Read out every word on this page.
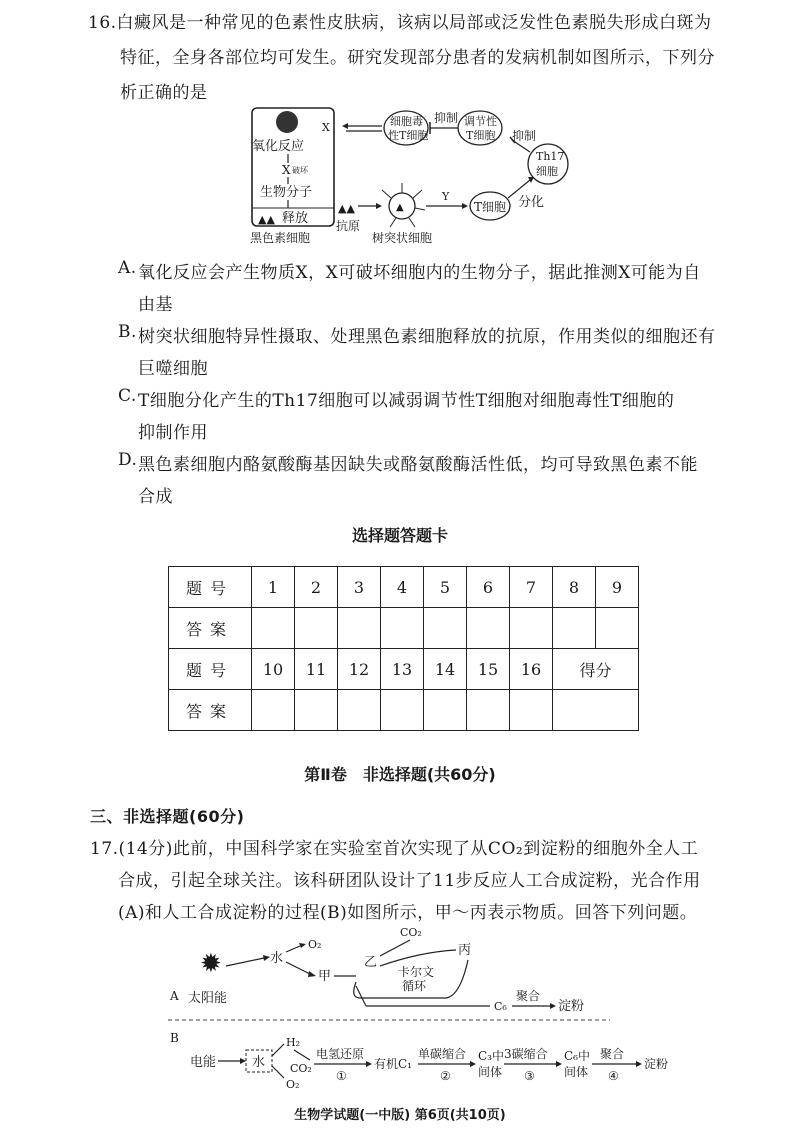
16.白癜风是一种常见的色素性皮肤病，该病以局部或泛发性色素脱失形成白斑为
特征，全身各部位均可发生。研究发现部分患者的发病机制如图所示，下列分
析正确的是
氧化反应
X 破坏
生物分子
释放
▲▲
黑色素细胞
▲▲
抗原
▲
树突状细胞
Y
T细胞 分化
Th17
细胞
抑制
调节性
T细胞
抑制
细胞毒
性T细胞
X
A. 氧化反应会产生物质X，X可破坏细胞内的生物分子，据此推测X可能为自
由基
B. 树突状细胞特异性摄取、处理黑色素细胞释放的抗原，作用类似的细胞还有
巨噬细胞
C. T细胞分化产生的Th17细胞可以减弱调节性T细胞对细胞毒性T细胞的
抑制作用
D. 黑色素细胞内酪氨酸酶基因缺失或酪氨酸酶活性低，均可导致黑色素不能
合成
选择题答题卡
题号	1	2	3	4	5	6	7	8	9
答案									
题号	10	11	12	13	14	15	16	得分	
答案									
第Ⅱ卷　非选择题(共60分)
三、非选择题(60分)
17.(14分)此前，中国科学家在实验室首次实现了从CO₂到淀粉的细胞外全人工
合成，引起全球关注。该科研团队设计了11步反应人工合成淀粉，光合作用
(A)和人工合成淀粉的过程(B)如图所示，甲～丙表示物质。回答下列问题。
A
✹
太阳能
水
O₂
甲
CO₂
乙
丙
卡尔文
循环
C₆
聚合
淀粉
B
电能	水
H₂
O₂
CO₂
电氢还原
①
有机C₁
单碳缩合
②
C₃中
间体
3碳缩合
③
C₆中
间体
聚合
④
淀粉
生物学试题(一中版) 第6页(共10页)
